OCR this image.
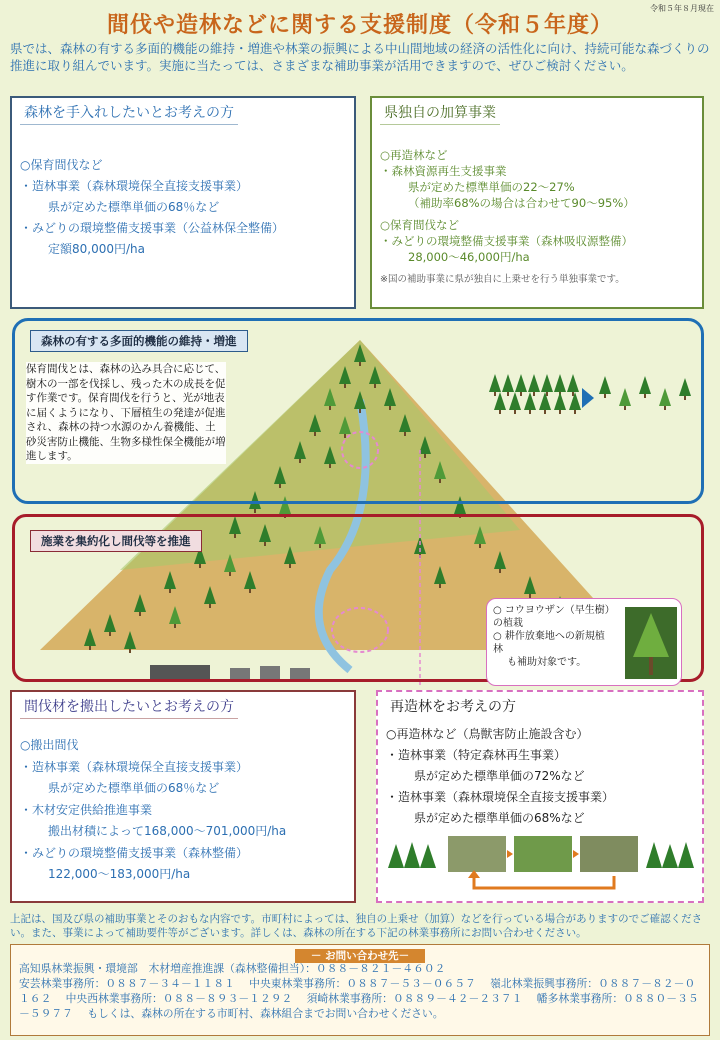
令和５年８月現在
間伐や造林などに関する支援制度（令和５年度）
県では、森林の有する多面的機能の維持・増進や林業の振興による中山間地域の経済の活性化に向け、持続可能な森づくりの推進に取り組んでいます。実施に当たっては、さまざまな補助事業が活用できますので、ぜひご検討ください。
森林を手入れしたいとお考えの方
○保育間伐など
・造林事業（森林環境保全直接支援事業）
県が定めた標準単価の68％など
・みどりの環境整備支援事業（公益林保全整備）
定額80,000円/ha
県独自の加算事業
○再造林など
・森林資源再生支援事業
県が定めた標準単価の22～27%
（補助率68%の場合は合わせて90～95%）
○保育間伐など
・みどりの環境整備支援事業（森林吸収源整備）
28,000～46,000円/ha
※国の補助事業に県が独自に上乗せを行う単独事業です。
森林の有する多面的機能の維持・増進
保育間伐とは、森林の込み具合に応じて、樹木の一部を伐採し、残った木の成長を促す作業です。保育間伐を行うと、光が地表に届くようになり、下層植生の発達が促進され、森林の持つ水源のかん養機能、土砂災害防止機能、生物多様性保全機能が増進します。
施業を集約化し間伐等を推進
○ コウヨウザン（早生樹）の植栽
○ 耕作放棄地への新規植林
も補助対象です。
間伐材を搬出したいとお考えの方
○搬出間伐
・造林事業（森林環境保全直接支援事業）
県が定めた標準単価の68％など
・木材安定供給推進事業
搬出材積によって168,000～701,000円/ha
・みどりの環境整備支援事業（森林整備）
122,000～183,000円/ha
再造林をお考えの方
○再造林など（鳥獣害防止施設含む）
・造林事業（特定森林再生事業）
県が定めた標準単価の72%など
・造林事業（森林環境保全直接支援事業）
県が定めた標準単価の68%など
上記は、国及び県の補助事業とそのおもな内容です。市町村によっては、独自の上乗せ（加算）などを行っている場合がありますのでご確認ください。また、事業によって補助要件等がございます。詳しくは、森林の所在する下記の林業事務所にお問い合わせください。
－ お問い合わせ先－
高知県林業振興・環境部　木材増産推進課（森林整備担当）：０８８－８２１－４６０２
安芸林業事務所：０８８７－３４－１１８１　 中央東林業事務所：０８８７－５３－０６５７　 嶺北林業振興事務所：０８８７－８２－０１６２　 中央西林業事務所：０８８－８９３－１２９２　 須崎林業事務所：０８８９－４２－２３７１　 幡多林業事務所：０８８０－３５－５９７７　 もしくは、森林の所在する市町村、森林組合までお問い合わせください。
